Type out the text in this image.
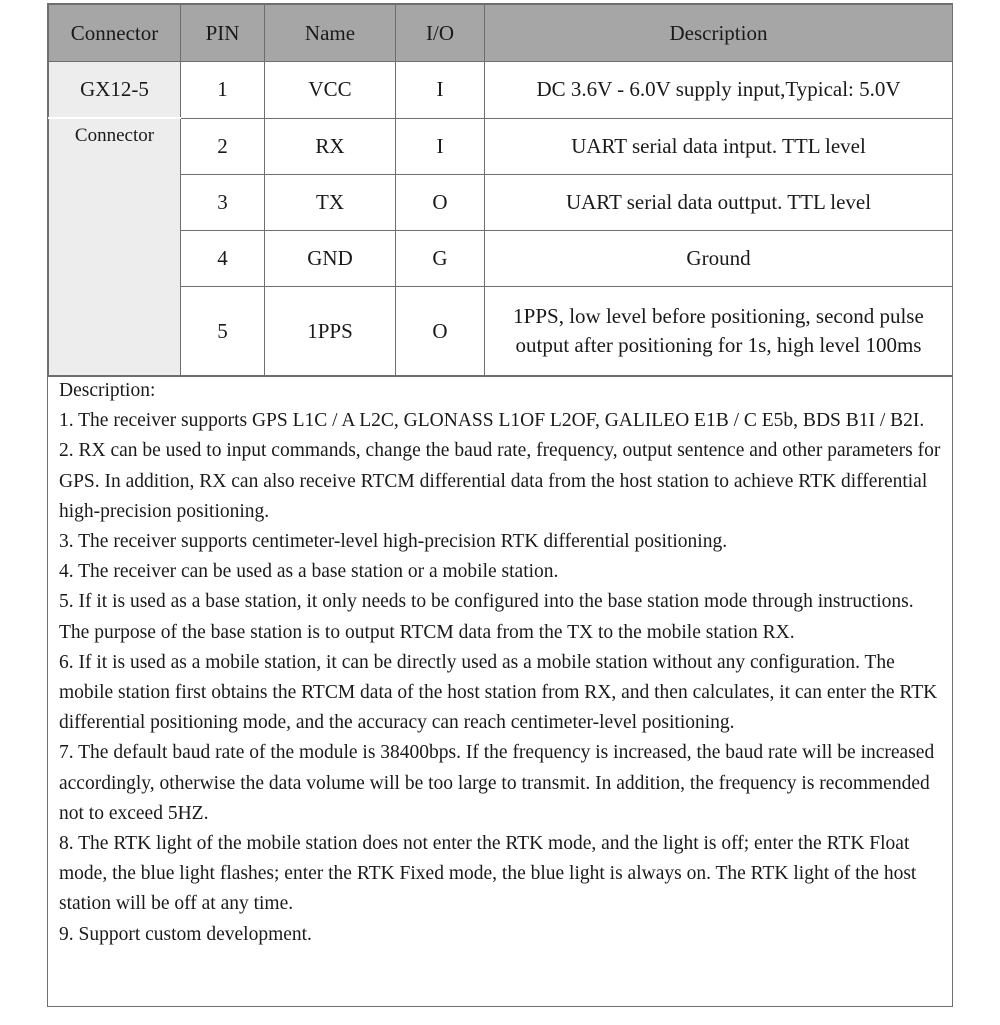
Connector	PIN	Name	I/O	Description
GX12-5	1	VCC	I	DC 3.6V - 6.0V supply input,Typical: 5.0V
Connector	2	RX	I	UART serial data intput. TTL level
	3	TX	O	UART serial data outtput. TTL level
	4	GND	G	Ground
	5	1PPS	O	1PPS, low level before positioning, second pulse output after positioning for 1s, high level 100ms
Description:
1. The receiver supports GPS L1C / A L2C, GLONASS L1OF L2OF, GALILEO E1B / C E5b, BDS B1I / B2I.
2. RX can be used to input commands, change the baud rate, frequency, output sentence and other parameters for GPS. In addition, RX can also receive RTCM differential data from the host station to achieve RTK differential high-precision positioning.
3. The receiver supports centimeter-level high-precision RTK differential positioning.
4. The receiver can be used as a base station or a mobile station.
5. If it is used as a base station, it only needs to be configured into the base station mode through instructions. The purpose of the base station is to output RTCM data from the TX to the mobile station RX.
6. If it is used as a mobile station, it can be directly used as a mobile station without any configuration. The mobile station first obtains the RTCM data of the host station from RX, and then calculates, it can enter the RTK differential positioning mode, and the accuracy can reach centimeter-level positioning.
7. The default baud rate of the module is 38400bps. If the frequency is increased, the baud rate will be increased accordingly, otherwise the data volume will be too large to transmit. In addition, the frequency is recommended not to exceed 5HZ.
8. The RTK light of the mobile station does not enter the RTK mode, and the light is off; enter the RTK Float mode, the blue light flashes; enter the RTK Fixed mode, the blue light is always on. The RTK light of the host station will be off at any time.
9. Support custom development.
